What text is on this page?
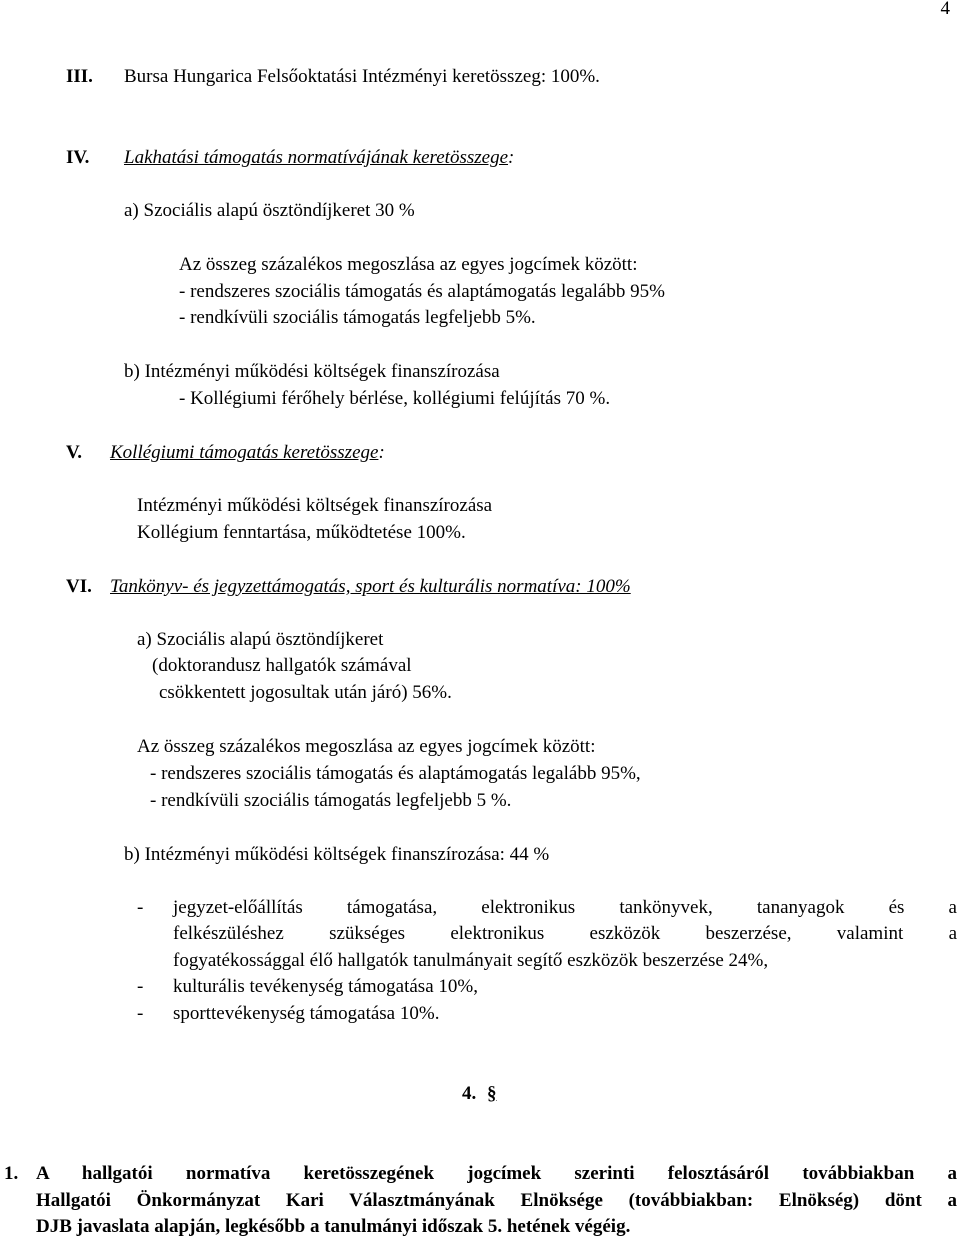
4
III. Bursa Hungarica Felsőoktatási Intézményi keretösszeg: 100%.
IV. Lakhatási támogatás normatívájának keretösszege:
a) Szociális alapú ösztöndíjkeret 30 %
Az összeg százalékos megoszlása az egyes jogcímek között:
- rendszeres szociális támogatás és alaptámogatás legalább 95%
- rendkívüli szociális támogatás legfeljebb 5%.
b) Intézményi működési költségek finanszírozása
- Kollégiumi férőhely bérlése, kollégiumi felújítás 70 %.
V. Kollégiumi támogatás keretösszege:
Intézményi működési költségek finanszírozása
Kollégium fenntartása, működtetése 100%.
VI. Tankönyv- és jegyzettámogatás, sport és kulturális normatíva: 100%
a) Szociális alapú ösztöndíjkeret
(doktorandusz hallgatók számával
csökkentett jogosultak után járó) 56%.
Az összeg százalékos megoszlása az egyes jogcímek között:
- rendszeres szociális támogatás és alaptámogatás legalább 95%,
- rendkívüli szociális támogatás legfeljebb 5 %.
b) Intézményi működési költségek finanszírozása: 44 %
- jegyzet-előállítás támogatása, elektronikus tankönyvek, tananyagok és a
felkészüléshez szükséges elektronikus eszközök beszerzése, valamint a
fogyatékossággal élő hallgatók tanulmányait segítő eszközök beszerzése 24%,
- kulturális tevékenység támogatása 10%,
- sporttevékenység támogatása 10%.
4. §
1. A hallgatói normatíva keretösszegének jogcímek szerinti felosztásáról továbbiakban a
Hallgatói Önkormányzat Kari Választmányának Elnöksége (továbbiakban: Elnökség) dönt a
DJB javaslata alapján, legkésőbb a tanulmányi időszak 5. hetének végéig.
